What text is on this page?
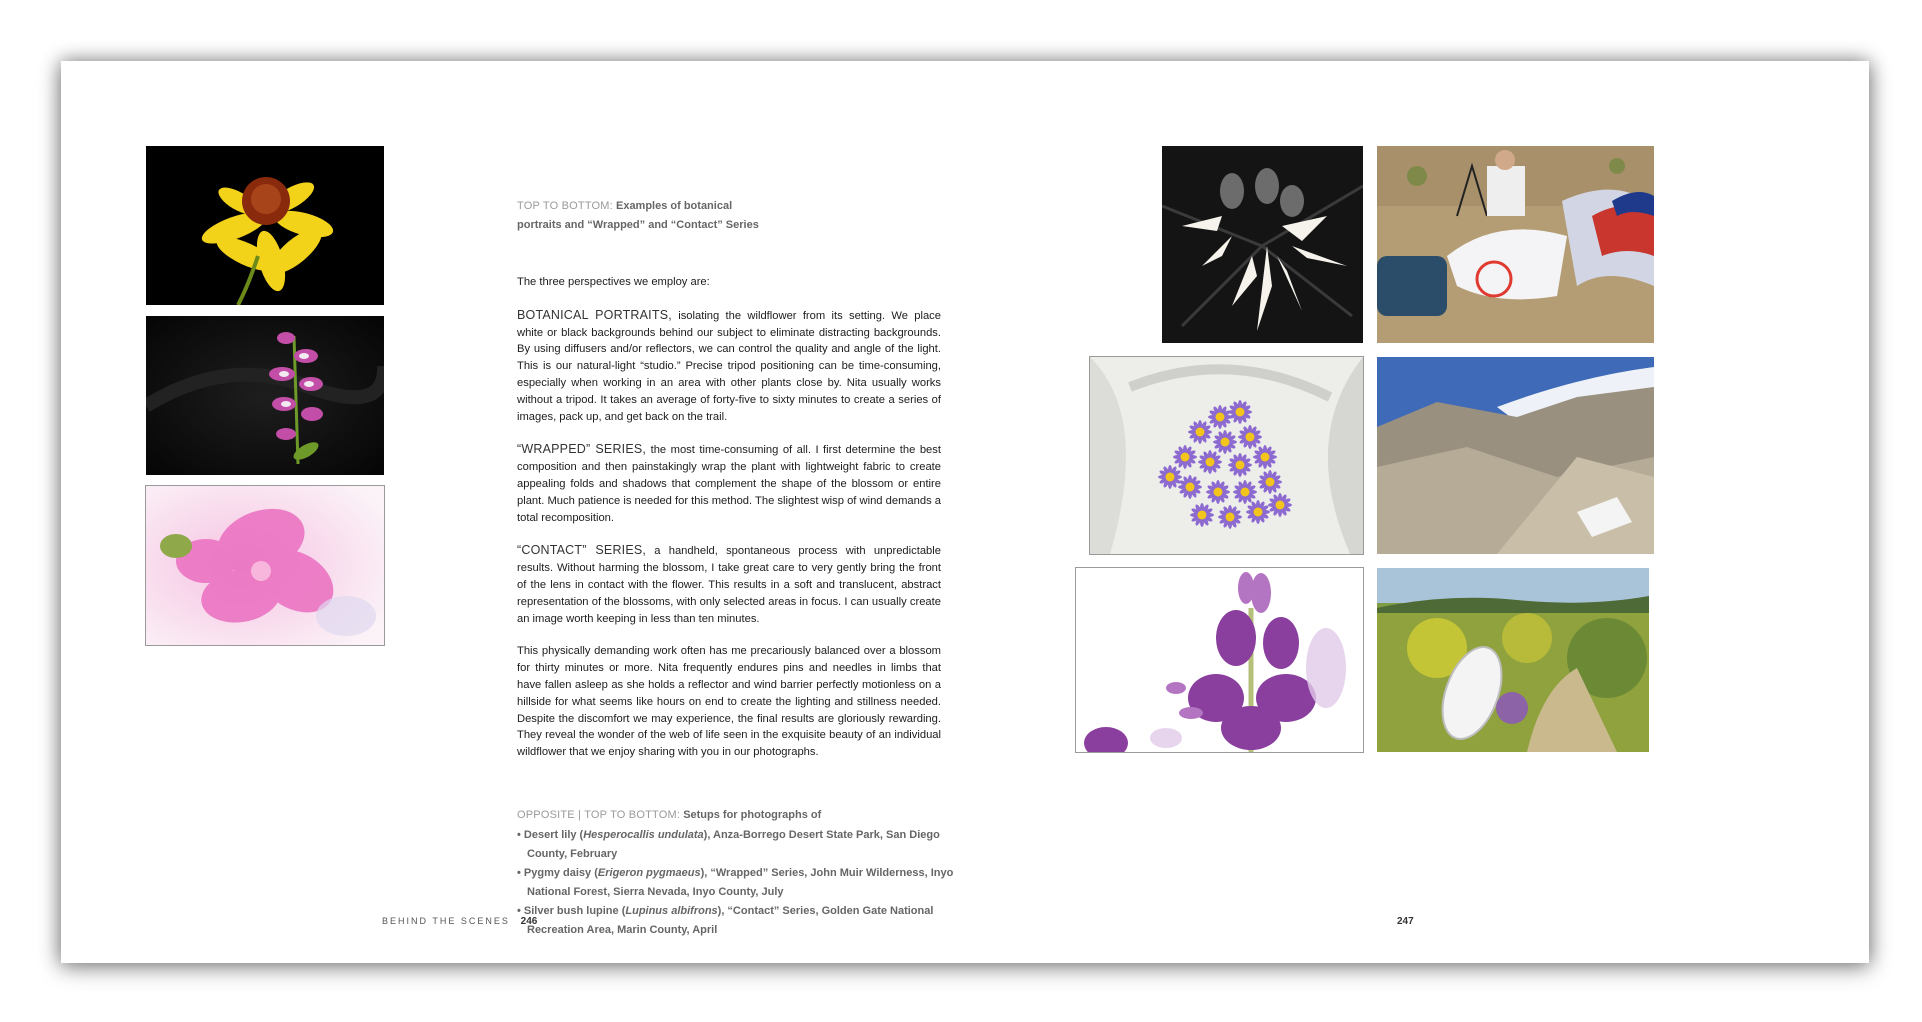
TOP TO BOTTOM: Examples of botanical portraits and “Wrapped” and “Contact” Series

The three perspectives we employ are:

BOTANICAL PORTRAITS, isolating the wildflower from its setting. We place white or black backgrounds behind our subject to eliminate distracting backgrounds. By using diffusers and/or reflectors, we can control the quality and angle of the light. This is our natural-light “studio.” Precise tripod positioning can be time-consuming, especially when working in an area with other plants close by. Nita usually works without a tripod. It takes an average of forty-five to sixty minutes to create a series of images, pack up, and get back on the trail.

“WRAPPED” SERIES, the most time-consuming of all. I first determine the best composition and then painstakingly wrap the plant with lightweight fabric to create appealing folds and shadows that complement the shape of the blossom or entire plant. Much patience is needed for this method. The slightest wisp of wind demands a total recomposition.

“CONTACT” SERIES, a handheld, spontaneous process with unpredictable results. Without harming the blossom, I take great care to very gently bring the front of the lens in contact with the flower. This results in a soft and translucent, abstract representation of the blossoms, with only selected areas in focus. I can usually create an image worth keeping in less than ten minutes.

This physically demanding work often has me precariously balanced over a blossom for thirty minutes or more. Nita frequently endures pins and needles in limbs that have fallen asleep as she holds a reflector and wind barrier perfectly motionless on a hillside for what seems like hours on end to create the lighting and stillness needed. Despite the discomfort we may experience, the final results are gloriously rewarding. They reveal the wonder of the web of life seen in the exquisite beauty of an individual wildflower that we enjoy sharing with you in our photographs.

OPPOSITE | TOP TO BOTTOM: Setups for photographs of
• Desert lily (Hesperocallis undulata), Anza-Borrego Desert State Park, San Diego County, February
• Pygmy daisy (Erigeron pygmaeus), “Wrapped” Series, John Muir Wilderness, Inyo National Forest, Sierra Nevada, Inyo County, July
• Silver bush lupine (Lupinus albifrons), “Contact” Series, Golden Gate National Recreation Area, Marin County, April
BEHIND THE SCENES 246	247
